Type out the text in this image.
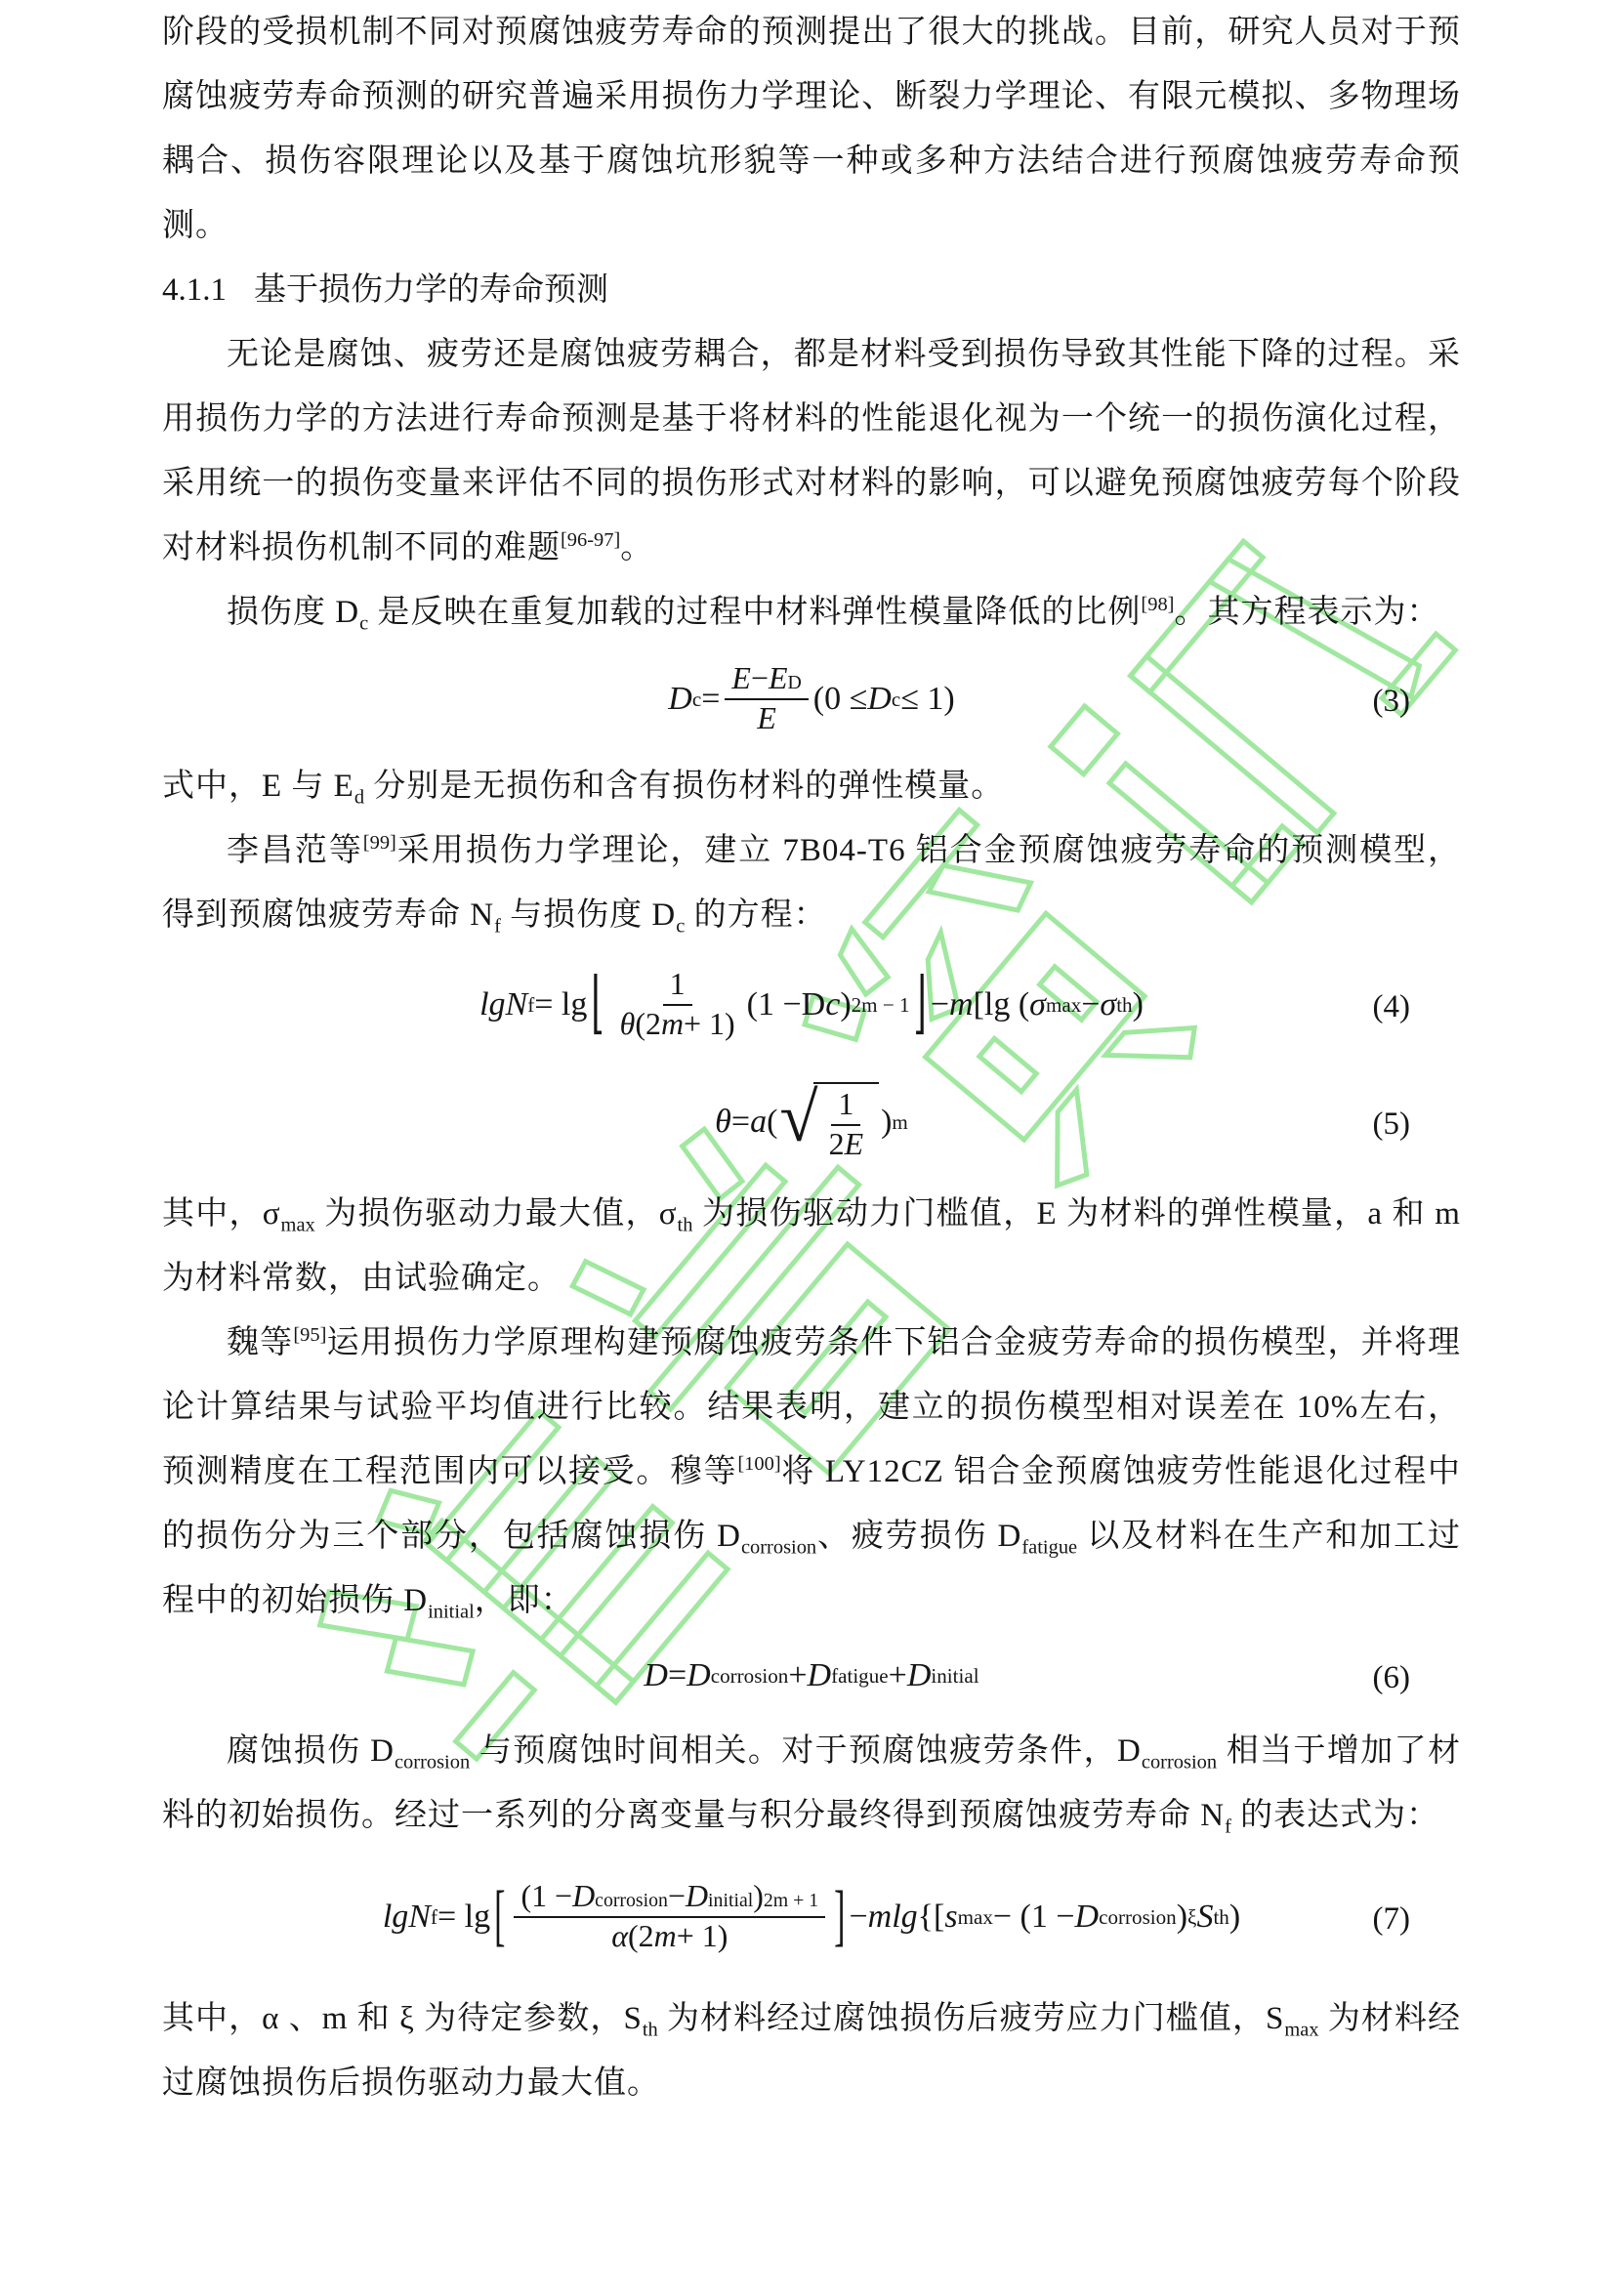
阶段的受损机制不同对预腐蚀疲劳寿命的预测提出了很大的挑战。目前，研究人员对于预腐蚀疲劳寿命预测的研究普遍采用损伤力学理论、断裂力学理论、有限元模拟、多物理场耦合、损伤容限理论以及基于腐蚀坑形貌等一种或多种方法结合进行预腐蚀疲劳寿命预测。

4.1.1 基于损伤力学的寿命预测

无论是腐蚀、疲劳还是腐蚀疲劳耦合，都是材料受到损伤导致其性能下降的过程。采用损伤力学的方法进行寿命预测是基于将材料的性能退化视为一个统一的损伤演化过程，采用统一的损伤变量来评估不同的损伤形式对材料的影响，可以避免预腐蚀疲劳每个阶段对材料损伤机制不同的难题[96-97]。

损伤度 $D_c$ 是反映在重复加载的过程中材料弹性模量降低的比例[98]。其方程表示为：

D $c = \frac{\text{E − E D}}{E} (0 \le D$ c ≤ 1)	(3)

式中，E 与 $E_d$ 分别是无损伤和含有损伤材料的弹性模量。

李昌范等[99]采用损伤力学理论，建立 7B04-T6 铝合金预腐蚀疲劳寿命的预测模型，得到预腐蚀疲劳寿命 $N_f$ 与损伤度 $D_c$ 的方程：

lgN f = lg ⌊ $\frac{1}{\theta (2 m + 1)} (1 - D$ c ) 2m − 1 ⌋ − m [lg ( σ max − σ th )	(4)
θ = a ( √ $\frac{1}{2 E}$ ) m	(5)

其中，$\sigma_{max}$ 为损伤驱动力最大值，$\sigma_{th}$ 为损伤驱动力门槛值，E 为材料的弹性模量，a 和 m 为材料常数，由试验确定。

魏等[95]运用损伤力学原理构建预腐蚀疲劳条件下铝合金疲劳寿命的损伤模型，并将理论计算结果与试验平均值进行比较。结果表明，建立的损伤模型相对误差在 10%左右，预测精度在工程范围内可以接受。穆等[100]将 LY12CZ 铝合金预腐蚀疲劳性能退化过程中的损伤分为三个部分，包括腐蚀损伤 $D_{corrosion}$、疲劳损伤 $D_{fatigue}$ 以及材料在生产和加工过程中的初始损伤 $D_{initial}$，即：

D = D corrosion + D fatigue + D initial	(6)

腐蚀损伤 $D_{corrosion}$ 与预腐蚀时间相关。对于预腐蚀疲劳条件，$D_{corrosion}$ 相当于增加了材料的初始损伤。经过一系列的分离变量与积分最终得到预腐蚀疲劳寿命 $N_f$ 的表达式为：

lgN f = lg [ $\frac{\text{(1 − D corrosion − D initial ) 2m + 1}}{\alpha (2 m + 1)}$ ] − mlg {[ s max − (1 − D corrosion ) ξ S th )	(7)

其中，α 、m 和 ξ 为待定参数，$S_{th}$ 为材料经过腐蚀损伤后疲劳应力门槛值，$S_{max}$ 为材料经过腐蚀损伤后损伤驱动力最大值。
